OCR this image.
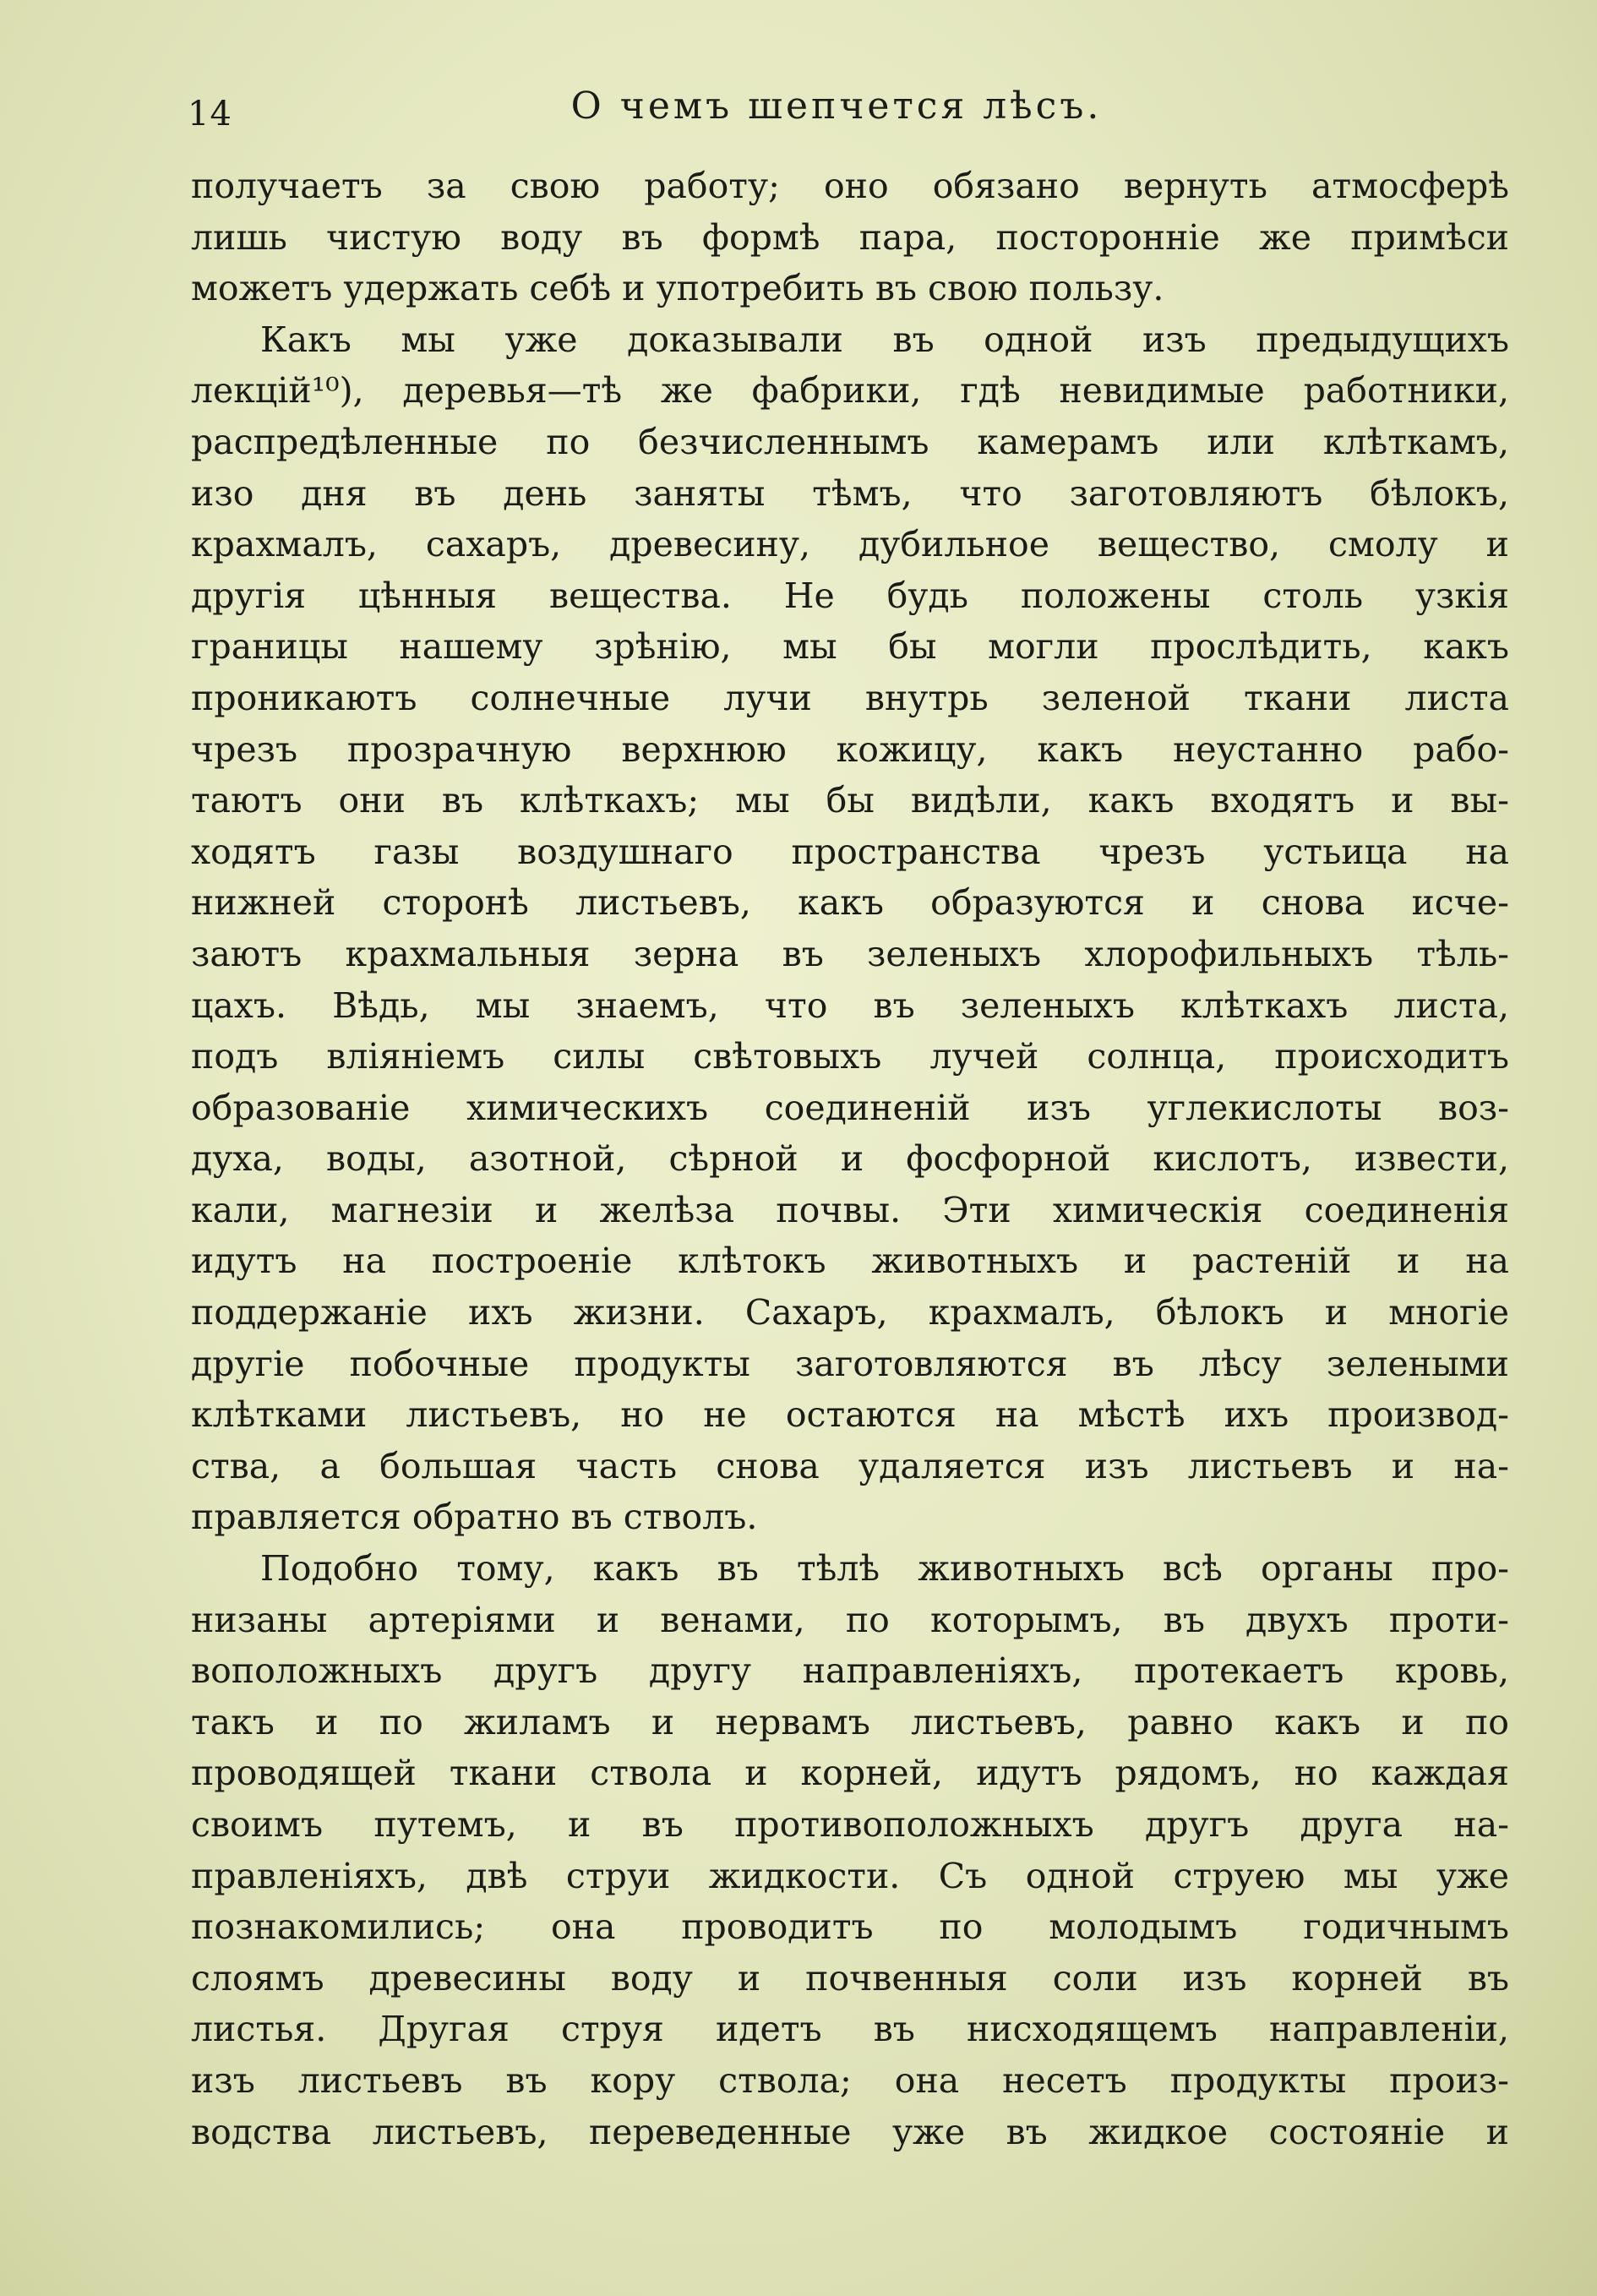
14	О чемъ шепчется лѣсъ.
получаетъ за свою работу; оно обязано вернуть атмосферѣ
лишь чистую воду въ формѣ пара, посторонніе же примѣси
можетъ удержать себѣ и употребить въ свою пользу.
Какъ мы уже доказывали въ одной изъ предыдущихъ
лекцій¹⁰), деревья—тѣ же фабрики, гдѣ невидимые работники,
распредѣленные по безчисленнымъ камерамъ или клѣткамъ,
изо дня въ день заняты тѣмъ, что заготовляютъ бѣлокъ,
крахмалъ, сахаръ, древесину, дубильное вещество, смолу и
другія цѣнныя вещества. Не будь положены столь узкія
границы нашему зрѣнію, мы бы могли прослѣдить, какъ
проникаютъ солнечные лучи внутрь зеленой ткани листа
чрезъ прозрачную верхнюю кожицу, какъ неустанно рабо-
таютъ они въ клѣткахъ; мы бы видѣли, какъ входятъ и вы-
ходятъ газы воздушнаго пространства чрезъ устьица на
нижней сторонѣ листьевъ, какъ образуются и снова исче-
заютъ крахмальныя зерна въ зеленыхъ хлорофильныхъ тѣль-
цахъ. Вѣдь, мы знаемъ, что въ зеленыхъ клѣткахъ листа,
подъ вліяніемъ силы свѣтовыхъ лучей солнца, происходитъ
образованіе химическихъ соединеній изъ углекислоты воз-
духа, воды, азотной, сѣрной и фосфорной кислотъ, извести,
кали, магнезіи и желѣза почвы. Эти химическія соединенія
идутъ на построеніе клѣтокъ животныхъ и растеній и на
поддержаніе ихъ жизни. Сахаръ, крахмалъ, бѣлокъ и многіе
другіе побочные продукты заготовляются въ лѣсу зелеными
клѣтками листьевъ, но не остаются на мѣстѣ ихъ производ-
ства, а большая часть снова удаляется изъ листьевъ и на-
правляется обратно въ стволъ.
Подобно тому, какъ въ тѣлѣ животныхъ всѣ органы про-
низаны артеріями и венами, по которымъ, въ двухъ проти-
воположныхъ другъ другу направленіяхъ, протекаетъ кровь,
такъ и по жиламъ и нервамъ листьевъ, равно какъ и по
проводящей ткани ствола и корней, идутъ рядомъ, но каждая
своимъ путемъ, и въ противоположныхъ другъ друга на-
правленіяхъ, двѣ струи жидкости. Съ одной струею мы уже
познакомились; она проводитъ по молодымъ годичнымъ
слоямъ древесины воду и почвенныя соли изъ корней въ
листья. Другая струя идетъ въ нисходящемъ направленіи,
изъ листьевъ въ кору ствола; она несетъ продукты произ-
водства листьевъ, переведенные уже въ жидкое состояніе и
